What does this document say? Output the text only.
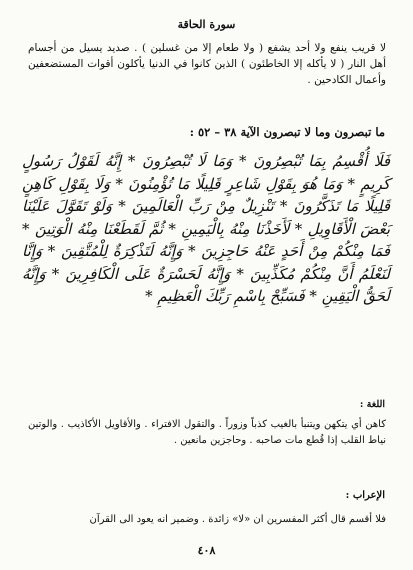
سورة الحاقة

لا قريب ينفع ولا أحد يشفع ( ولا طعام إلا من غسلين ) . صديد يسيل من أجسام أهل النار ( لا يأكله إلا الخاطئون ) الذين كانوا في الدنيا يأكلون أقوات المستضعفين وأعمال الكادحين .

ما تبصرون وما لا تبصرون الآية ٣٨ – ٥٢ :

فَلَا أُقْسِمُ بِمَا تُبْصِرُونَ * وَمَا لَا تُبْصِرُونَ * إِنَّهُ لَقَوْلُ رَسُولٍ كَرِيمٍ * وَمَا هُوَ بِقَوْلِ شَاعِرٍ قَلِيلًا مَا تُؤْمِنُونَ * وَلَا بِقَوْلِ كَاهِنٍ قَلِيلًا مَا تَذَكَّرُونَ * تَنْزِيلٌ مِنْ رَبِّ الْعَالَمِينَ * وَلَوْ تَقَوَّلَ عَلَيْنَا بَعْضَ الْأَقَاوِيلِ * لَأَخَذْنَا مِنْهُ بِالْيَمِينِ * ثُمَّ لَقَطَعْنَا مِنْهُ الْوَتِينَ * فَمَا مِنْكُمْ مِنْ أَحَدٍ عَنْهُ حَاجِزِينَ * وَإِنَّهُ لَتَذْكِرَةٌ لِلْمُتَّقِينَ * وَإِنَّا لَنَعْلَمُ أَنَّ مِنْكُمْ مُكَذِّبِينَ * وَإِنَّهُ لَحَسْرَةٌ عَلَى الْكَافِرِينَ * وَإِنَّهُ لَحَقُّ الْيَقِينِ * فَسَبِّحْ بِاسْمِ رَبِّكَ الْعَظِيمِ *

اللغة :

كاهن أي يتكهن ويتنبأ بالغيب كذباً وزوراً . والتقول الافتراء . والأقاويل الأكاذيب . والوتين نياط القلب إذا قُطع مات صاحبه . وحاجزين مانعين .

الإعراب :

فلا أقسم قال أكثر المفسرين ان «لا» زائدة . وضمير انه يعود الى القرآن

٤٠٨
